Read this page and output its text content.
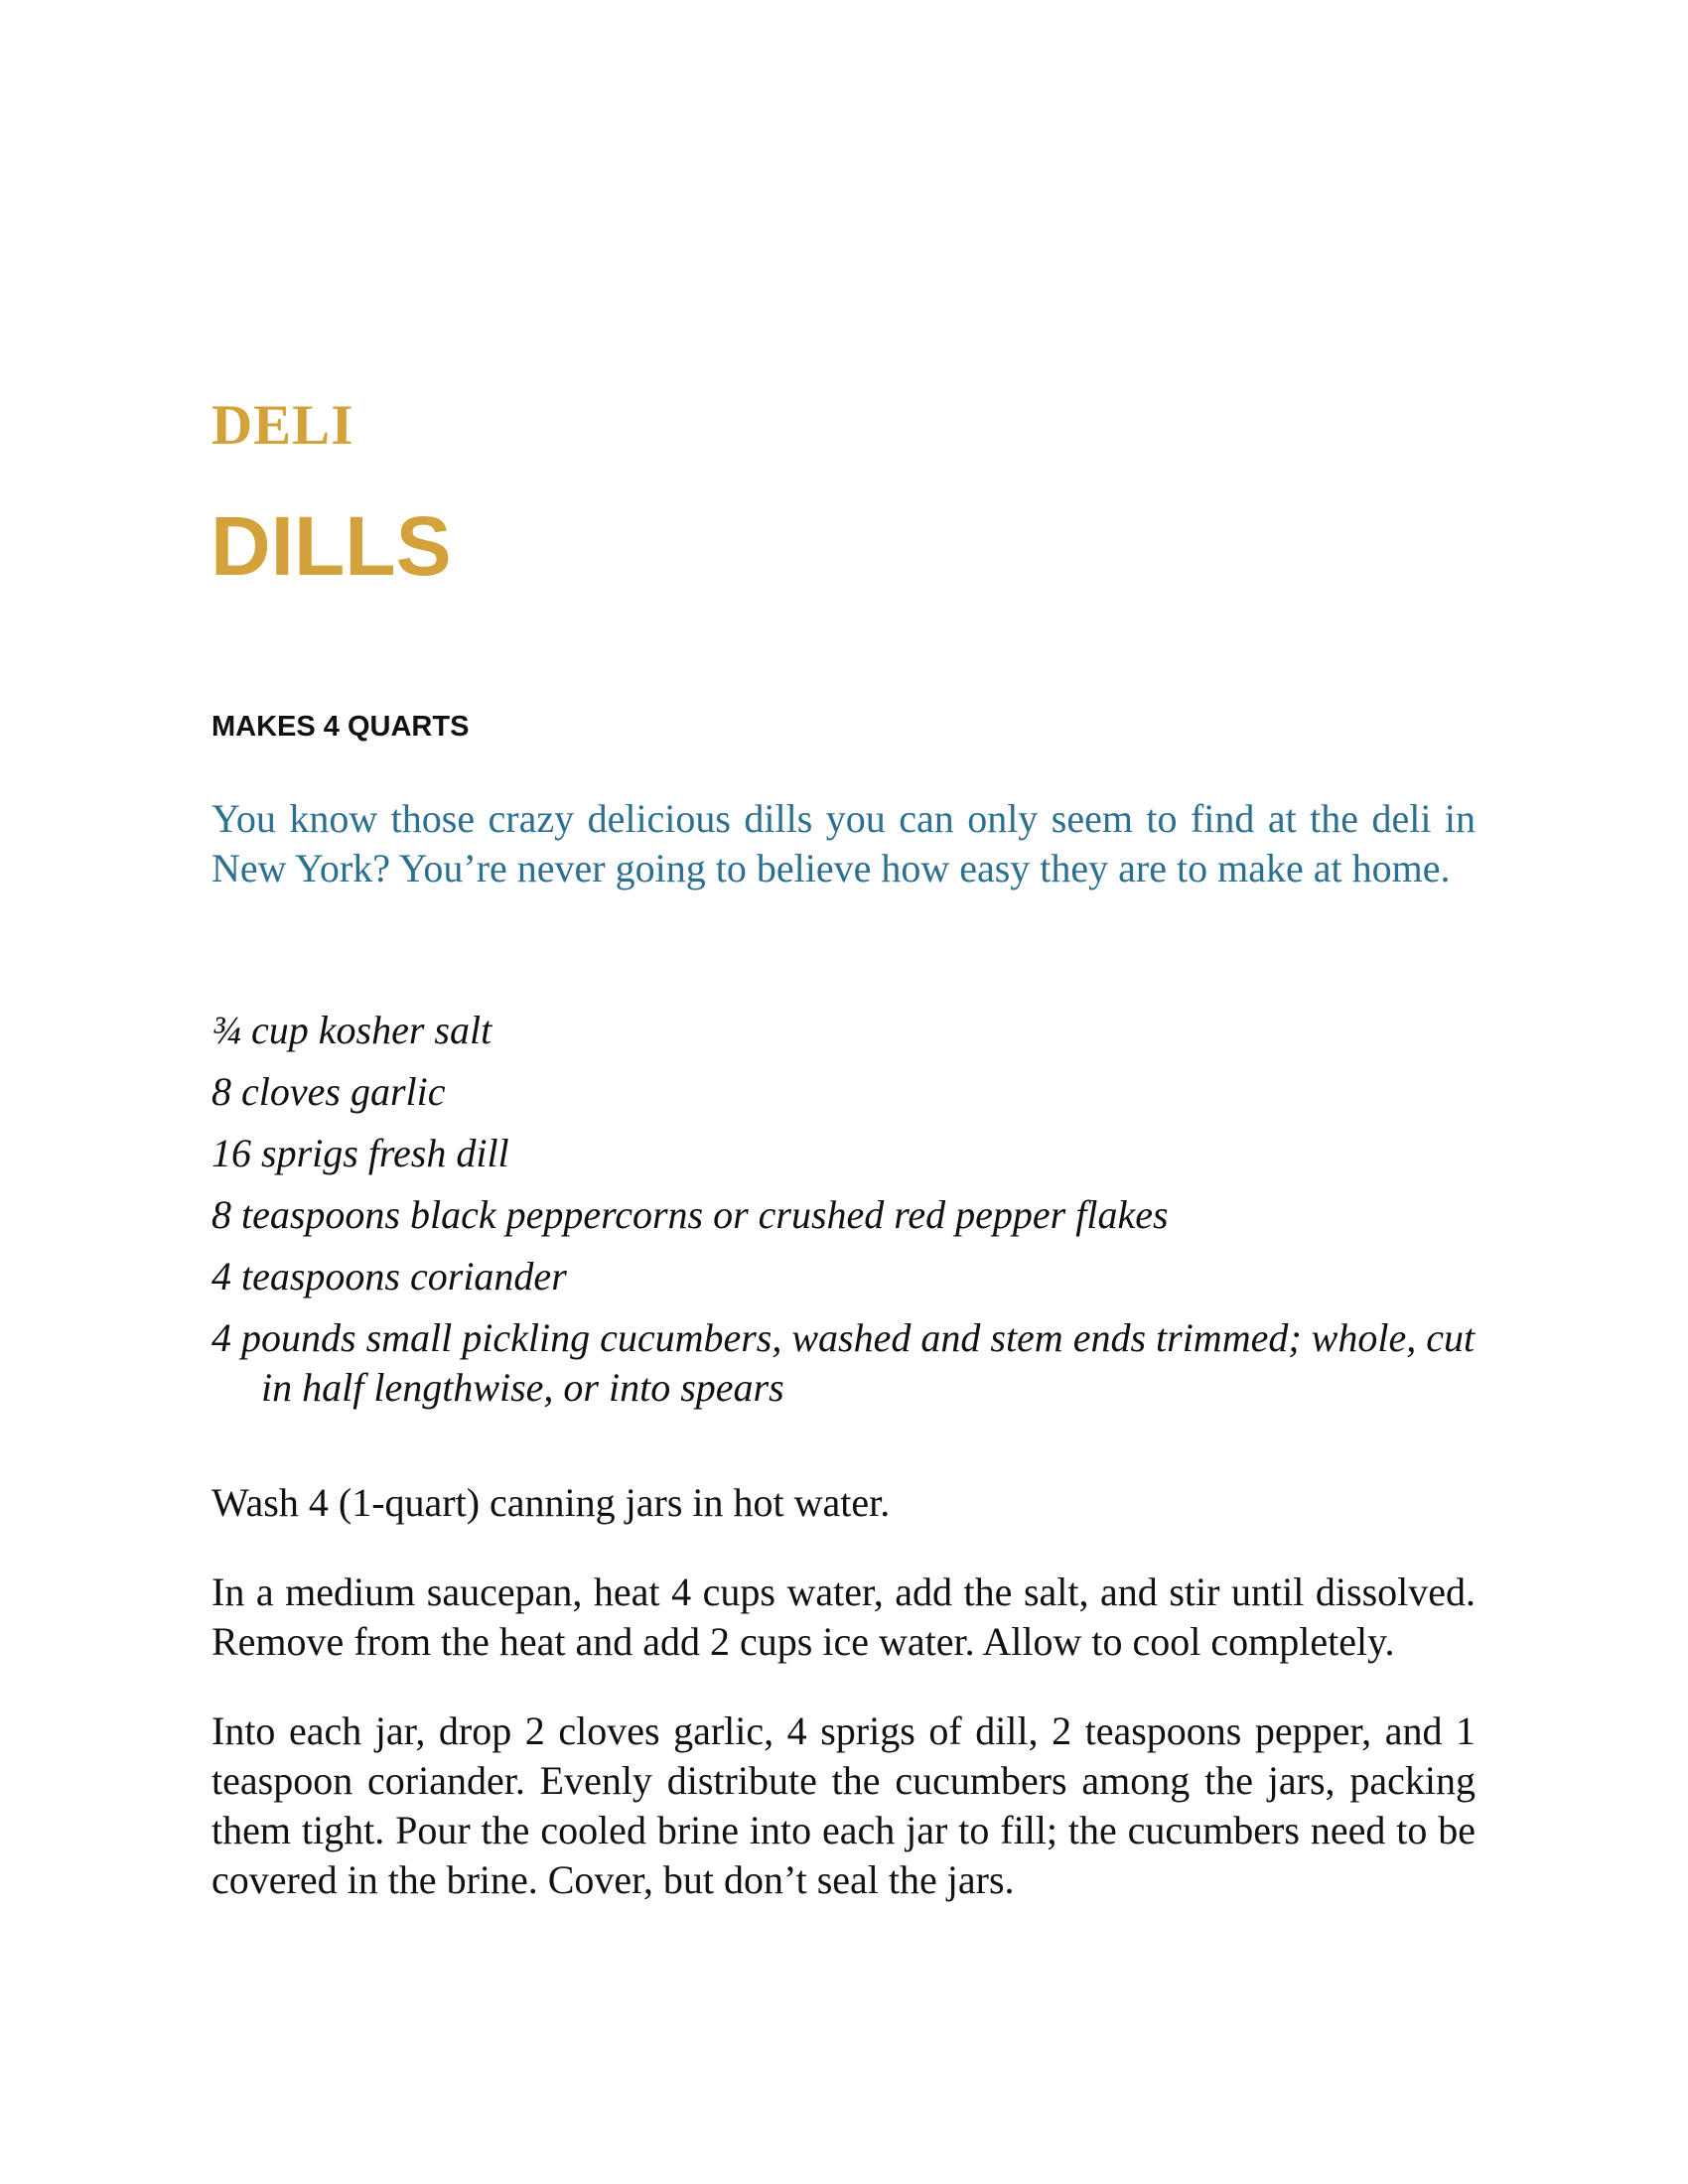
DELI
DILLS
MAKES 4 QUARTS
You know those crazy delicious dills you can only seem to find at the deli in New York? You’re never going to believe how easy they are to make at home.
¾ cup kosher salt
8 cloves garlic
16 sprigs fresh dill
8 teaspoons black peppercorns or crushed red pepper flakes
4 teaspoons coriander
4 pounds small pickling cucumbers, washed and stem ends trimmed; whole, cut in half lengthwise, or into spears

Wash 4 (1-quart) canning jars in hot water.

In a medium saucepan, heat 4 cups water, add the salt, and stir until dissolved. Remove from the heat and add 2 cups ice water. Allow to cool completely.

Into each jar, drop 2 cloves garlic, 4 sprigs of dill, 2 teaspoons pepper, and 1 teaspoon coriander. Evenly distribute the cucumbers among the jars, packing them tight. Pour the cooled brine into each jar to fill; the cucumbers need to be covered in the brine. Cover, but don’t seal the jars.
